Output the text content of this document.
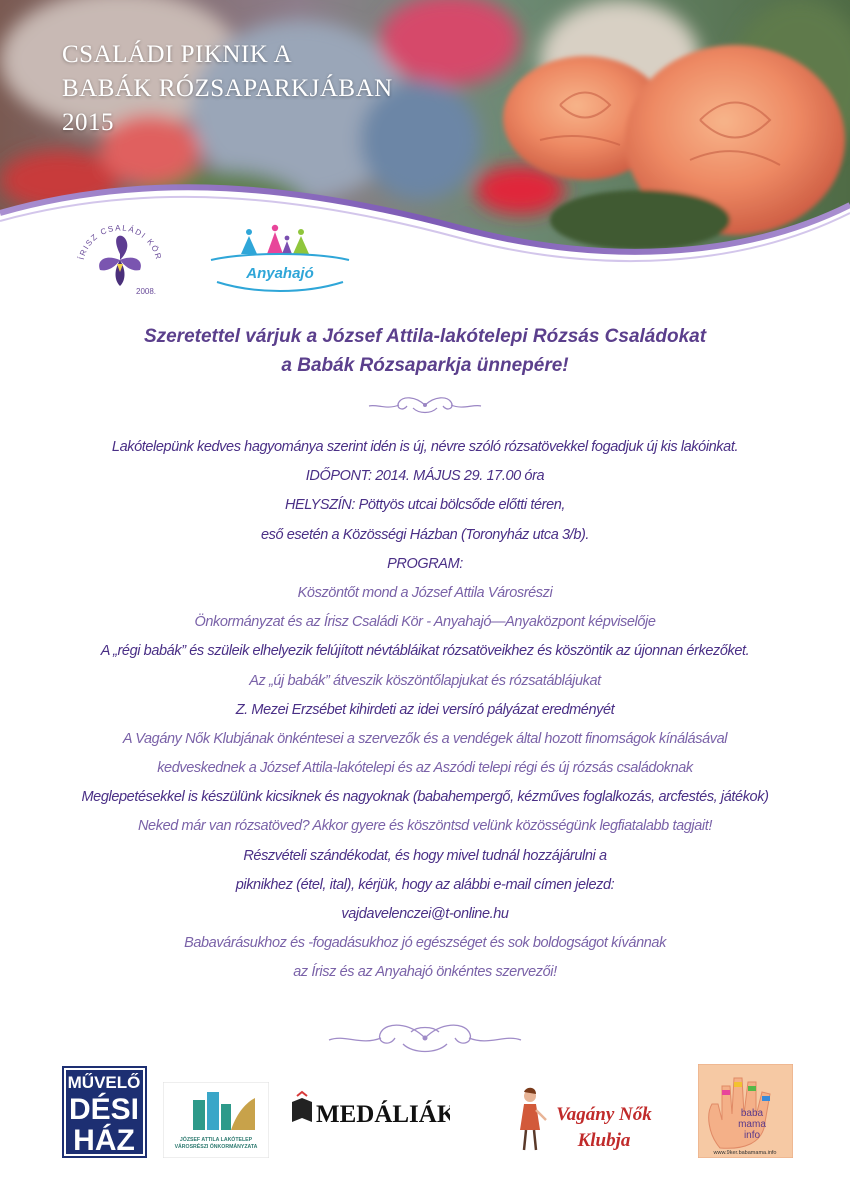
CSALÁDI PIKNIK A
BABÁK RÓZSAPARKJÁBAN
2015
ÍRISZ CSALÁDI KÖR
2008.
Anyahajó
Szeretettel várjuk a József Attila-lakótelepi Rózsás Családokat
a Babák Rózsaparkja ünnepére!
Lakótelepünk kedves hagyománya szerint idén is új, névre szóló rózsatövekkel fogadjuk új kis lakóinkat.
IDŐPONT: 2014. MÁJUS 29. 17.00 óra
HELYSZÍN: Pöttyös utcai bölcsőde előtti téren,
eső esetén a Közösségi Házban (Toronyház utca 3/b).
PROGRAM:
Köszöntőt mond a József Attila Városrészi
Önkormányzat és az Írisz Családi Kör - Anyahajó—Anyaközpont képviselője
A „régi babák” és szüleik elhelyezik felújított névtábláikat rózsatöveikhez és köszöntik az újonnan érkezőket.
Az „új babák” átveszik köszöntőlapjukat és rózsatáblájukat
Z. Mezei Erzsébet kihirdeti az idei versíró pályázat eredményét
A Vagány Nők Klubjának önkéntesei a szervezők és a vendégek által hozott finomságok kínálásával
kedveskednek a József Attila-lakótelepi és az Aszódi telepi régi és új rózsás családoknak
Meglepetésekkel is készülünk kicsiknek és nagyoknak (babahempergő, kézműves foglalkozás, arcfestés, játékok)
Neked már van rózsatöved? Akkor gyere és köszöntsd velünk közösségünk legfiatalabb tagjait!
Részvételi szándékodat, és hogy mivel tudnál hozzájárulni a
piknikhez (étel, ital), kérjük, hogy az alábbi e-mail címen jelezd:
vajdavelenczei@t-online.hu
Babavárásukhoz és -fogadásukhoz jó egészséget és sok boldogságot kívánnak
az Írisz és az Anyahajó önkéntes szervezői!
MŰVELŐ
DÉSI
HÁZ	JÓZSEF ATTILA LAKÓTELEP
VÁROSRÉSZI ÖNKORMÁNYZATA
MEDÁLIÁK	Vagány Nők
Klubja
baba
mama
info
www.9ker.babamama.info
